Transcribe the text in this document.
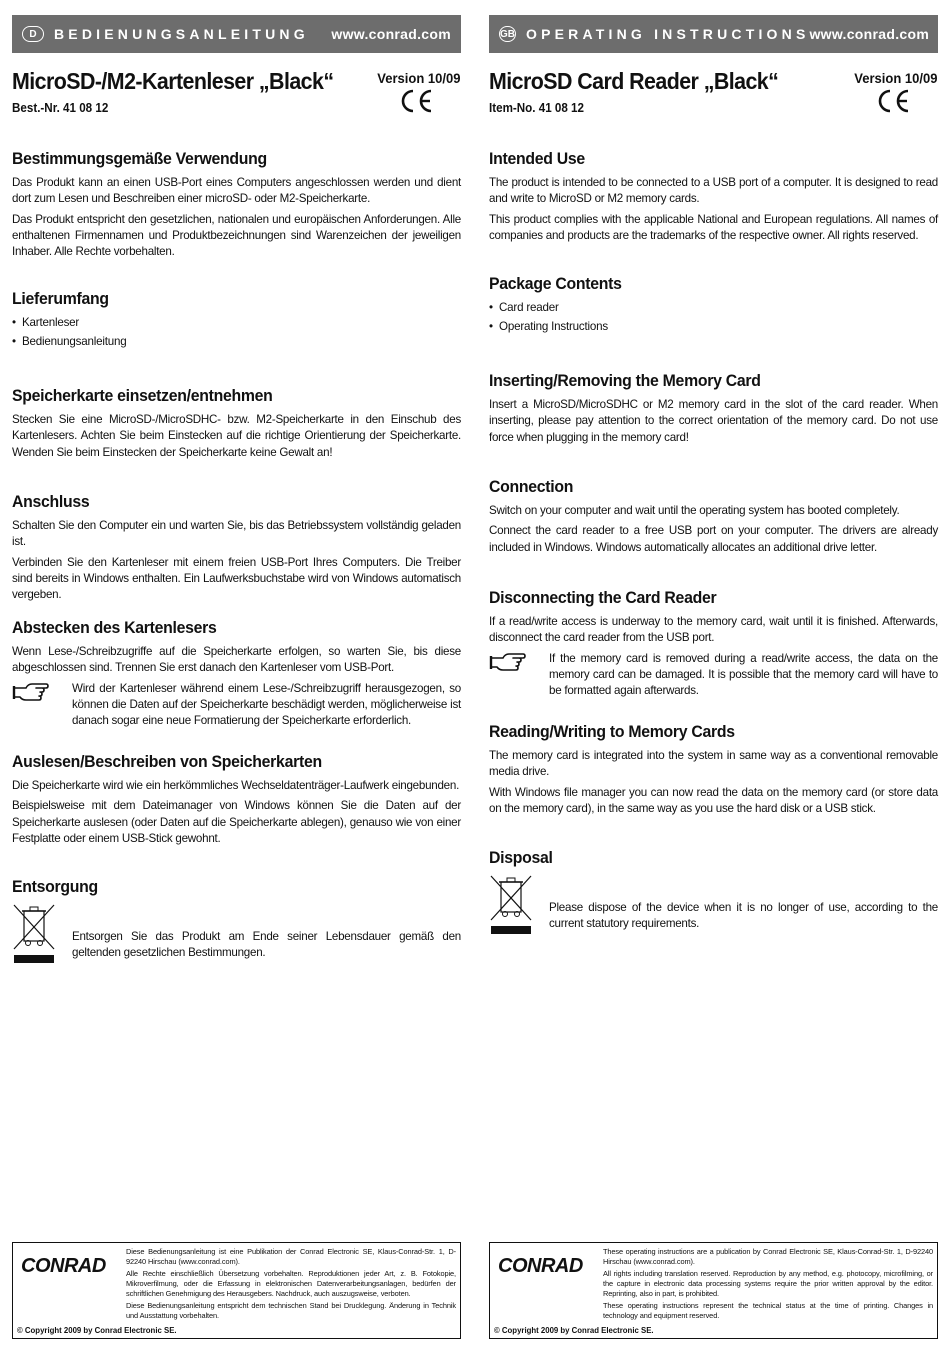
D	BEDIENUNGSANLEITUNG	www.conrad.com
MicroSD-/M2-Kartenleser „Black“
Best.-Nr. 41 08 12
Version 10/09
Bestimmungsgemäße Verwendung

Das Produkt kann an einen USB-Port eines Computers angeschlossen werden und dient dort zum Lesen und Beschreiben einer microSD- oder M2-Speicherkarte.

Das Produkt entspricht den gesetzlichen, nationalen und europäischen Anforderungen. Alle enthaltenen Firmennamen und Produktbezeichnungen sind Warenzeichen der jeweiligen Inhaber. Alle Rechte vorbehalten.

Lieferumfang
• Kartenleser
• Bedienungsanleitung
Speicherkarte einsetzen/entnehmen

Stecken Sie eine MicroSD-/MicroSDHC- bzw. M2-Speicherkarte in den Einschub des Kartenlesers. Achten Sie beim Einstecken auf die richtige Orientierung der Speicherkarte. Wenden Sie beim Einstecken der Speicherkarte keine Gewalt an!

Anschluss

Schalten Sie den Computer ein und warten Sie, bis das Betriebssystem vollständig geladen ist.

Verbinden Sie den Kartenleser mit einem freien USB-Port Ihres Computers. Die Treiber sind bereits in Windows enthalten. Ein Laufwerksbuchstabe wird von Windows automatisch vergeben.

Abstecken des Kartenlesers

Wenn Lese-/Schreibzugriffe auf die Speicherkarte erfolgen, so warten Sie, bis diese abgeschlossen sind. Trennen Sie erst danach den Kartenleser vom USB-Port.

Wird der Kartenleser während einem Lese-/Schreibzugriff herausgezogen, so können die Daten auf der Speicherkarte beschädigt werden, möglicherweise ist danach sogar eine neue Formatierung der Speicherkarte erforderlich.

Auslesen/Beschreiben von Speicherkarten

Die Speicherkarte wird wie ein herkömmliches Wechseldatenträger-Laufwerk eingebunden.

Beispielsweise mit dem Dateimanager von Windows können Sie die Daten auf der Speicherkarte auslesen (oder Daten auf die Speicherkarte ablegen), genauso wie von einer Festplatte oder einem USB-Stick gewohnt.

Entsorgung

Entsorgen Sie das Produkt am Ende seiner Lebensdauer gemäß den geltenden gesetzlichen Bestimmungen.

GB OPERATING INSTRUCTIONS www.conrad.com
MicroSD Card Reader „Black“
Item-No. 41 08 12
Version 10/09
Intended Use

The product is intended to be connected to a USB port of a computer. It is designed to read and write to MicroSD or M2 memory cards.

This product complies with the applicable National and European regulations. All names of companies and products are the trademarks of the respective owner. All rights reserved.

Package Contents
• Card reader
• Operating Instructions
Inserting/Removing the Memory Card

Insert a MicroSD/MicroSDHC or M2 memory card in the slot of the card reader. When inserting, please pay attention to the correct orientation of the memory card. Do not use force when plugging in the memory card!

Connection

Switch on your computer and wait until the operating system has booted completely.

Connect the card reader to a free USB port on your computer. The drivers are already included in Windows. Windows automatically allocates an additional drive letter.

Disconnecting the Card Reader

If a read/write access is underway to the memory card, wait until it is finished. Afterwards, disconnect the card reader from the USB port.

If the memory card is removed during a read/write access, the data on the memory card can be damaged. It is possible that the memory card will have to be formatted again afterwards.

Reading/Writing to Memory Cards

The memory card is integrated into the system in same way as a conventional removable media drive.

With Windows file manager you can now read the data on the memory card (or store data on the memory card), in the same way as you use the hard disk or a USB stick.

Disposal

Please dispose of the device when it is no longer of use, according to the current statutory requirements.

CONRAD

Diese Bedienungsanleitung ist eine Publikation der Conrad Electronic SE, Klaus-Conrad-Str. 1, D-92240 Hirschau (www.conrad.com).

Alle Rechte einschließlich Übersetzung vorbehalten. Reproduktionen jeder Art, z. B. Fotokopie, Mikroverfilmung, oder die Erfassung in elektronischen Datenverarbeitungsanlagen, bedürfen der schriftlichen Genehmigung des Herausgebers. Nachdruck, auch auszugsweise, verboten.

Diese Bedienungsanleitung entspricht dem technischen Stand bei Drucklegung. Änderung in Technik und Ausstattung vorbehalten.

© Copyright 2009 by Conrad Electronic SE.
CONRAD

These operating instructions are a publication by Conrad Electronic SE, Klaus-Conrad-Str. 1, D-92240 Hirschau (www.conrad.com).

All rights including translation reserved. Reproduction by any method, e.g. photocopy, microfilming, or the capture in electronic data processing systems require the prior written approval by the editor. Reprinting, also in part, is prohibited.

These operating instructions represent the technical status at the time of printing. Changes in technology and equipment reserved.

© Copyright 2009 by Conrad Electronic SE.
